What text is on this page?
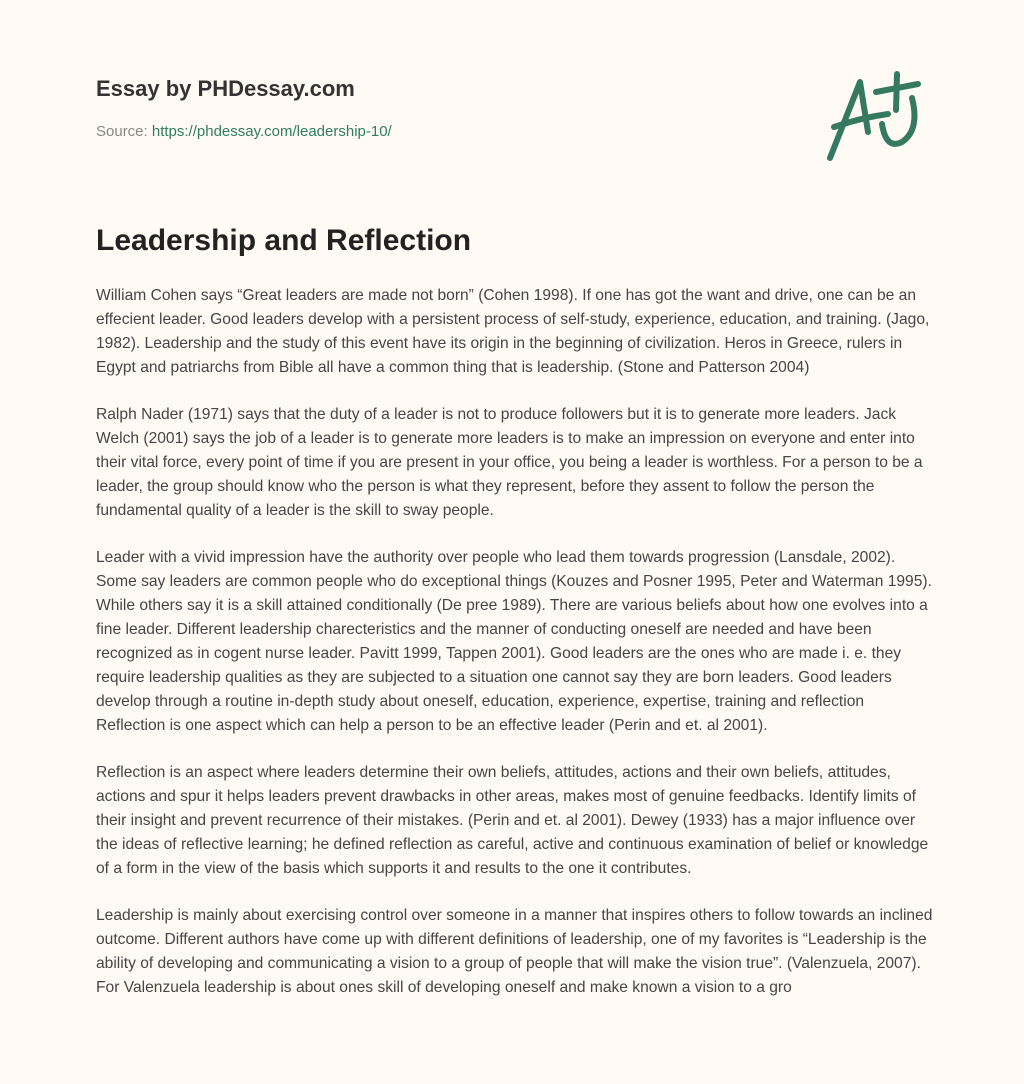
Essay by PHDessay.com
Source: https://phdessay.com/leadership-10/
Leadership and Reflection

William Cohen says “Great leaders are made not born” (Cohen 1998). If one has got the want and drive, one can be an effecient leader. Good leaders develop with a persistent process of self-study, experience, education, and training. (Jago, 1982). Leadership and the study of this event have its origin in the beginning of civilization. Heros in Greece, rulers in Egypt and patriarchs from Bible all have a common thing that is leadership. (Stone and Patterson 2004)

Ralph Nader (1971) says that the duty of a leader is not to produce followers but it is to generate more leaders. Jack Welch (2001) says the job of a leader is to generate more leaders is to make an impression on everyone and enter into their vital force, every point of time if you are present in your office, you being a leader is worthless. For a person to be a leader, the group should know who the person is what they represent, before they assent to follow the person the fundamental quality of a leader is the skill to sway people.

Leader with a vivid impression have the authority over people who lead them towards progression (Lansdale, 2002). Some say leaders are common people who do exceptional things (Kouzes and Posner 1995, Peter and Waterman 1995). While others say it is a skill attained conditionally (De pree 1989). There are various beliefs about how one evolves into a fine leader. Different leadership charecteristics and the manner of conducting oneself are needed and have been recognized as in cogent nurse leader. Pavitt 1999, Tappen 2001). Good leaders are the ones who are made i. e. they require leadership qualities as they are subjected to a situation one cannot say they are born leaders. Good leaders develop through a routine in-depth study about oneself, education, experience, expertise, training and reflection Reflection is one aspect which can help a person to be an effective leader (Perin and et. al 2001).

Reflection is an aspect where leaders determine their own beliefs, attitudes, actions and their own beliefs, attitudes, actions and spur it helps leaders prevent drawbacks in other areas, makes most of genuine feedbacks. Identify limits of their insight and prevent recurrence of their mistakes. (Perin and et. al 2001). Dewey (1933) has a major influence over the ideas of reflective learning; he defined reflection as careful, active and continuous examination of belief or knowledge of a form in the view of the basis which supports it and results to the one it contributes.

Leadership is mainly about exercising control over someone in a manner that inspires others to follow towards an inclined outcome. Different authors have come up with different definitions of leadership, one of my favorites is “Leadership is the ability of developing and communicating a vision to a group of people that will make the vision true”. (Valenzuela, 2007). For Valenzuela leadership is about ones skill of developing oneself and make known a vision to a gro
